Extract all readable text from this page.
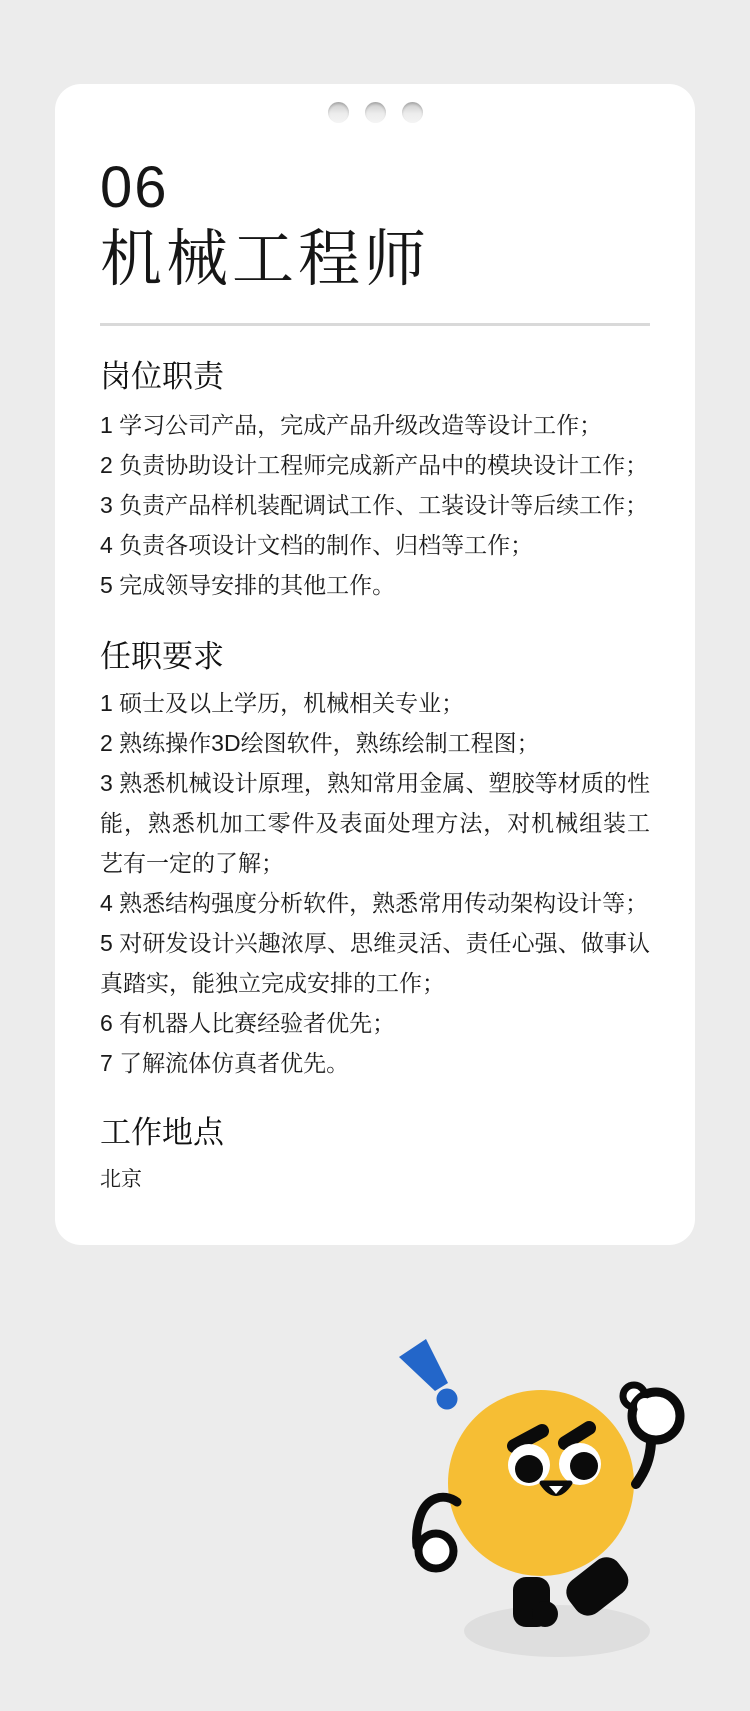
06
机械工程师
岗位职责
1 学习公司产品，完成产品升级改造等设计工作；
2 负责协助设计工程师完成新产品中的模块设计工作；
3 负责产品样机装配调试工作、工装设计等后续工作；
4 负责各项设计文档的制作、归档等工作；
5 完成领导安排的其他工作。
任职要求
1 硕士及以上学历，机械相关专业；
2 熟练操作3D绘图软件，熟练绘制工程图；
3 熟悉机械设计原理，熟知常用金属、塑胶等材质的性能，熟悉机加工零件及表面处理方法，对机械组装工艺有一定的了解；
4 熟悉结构强度分析软件，熟悉常用传动架构设计等；
5 对研发设计兴趣浓厚、思维灵活、责任心强、做事认真踏实，能独立完成安排的工作；
6 有机器人比赛经验者优先；
7 了解流体仿真者优先。
工作地点
北京
